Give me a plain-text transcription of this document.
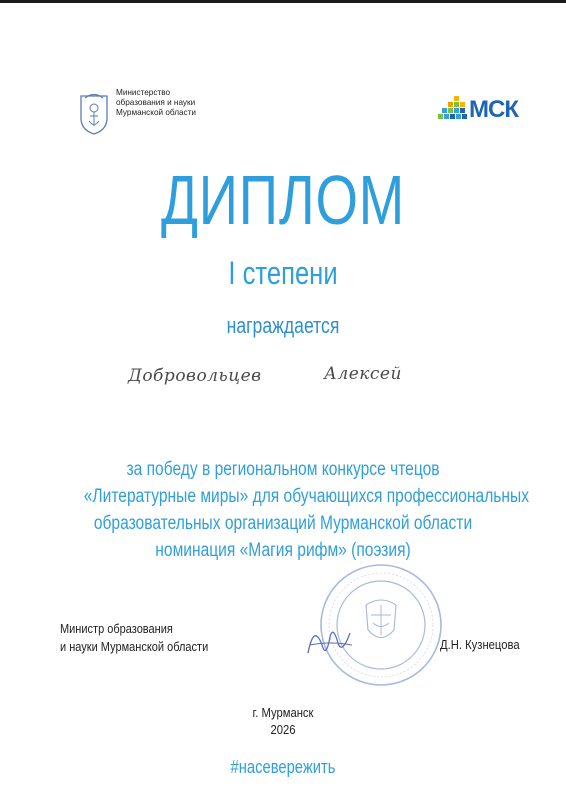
Министерство
образования и науки
Мурманской области	МСК
ДИПЛОМ
I степени
награждается
Добровольцев	Алексей
за победу в региональном конкурсе чтецов
«Литературные миры» для обучающихся профессиональных
образовательных организаций Мурманской области
номинация «Магия рифм» (поэзия)
Министр образования
и науки Мурманской области	Д.Н. Кузнецова
г. Мурманск
2026
#насевережить
